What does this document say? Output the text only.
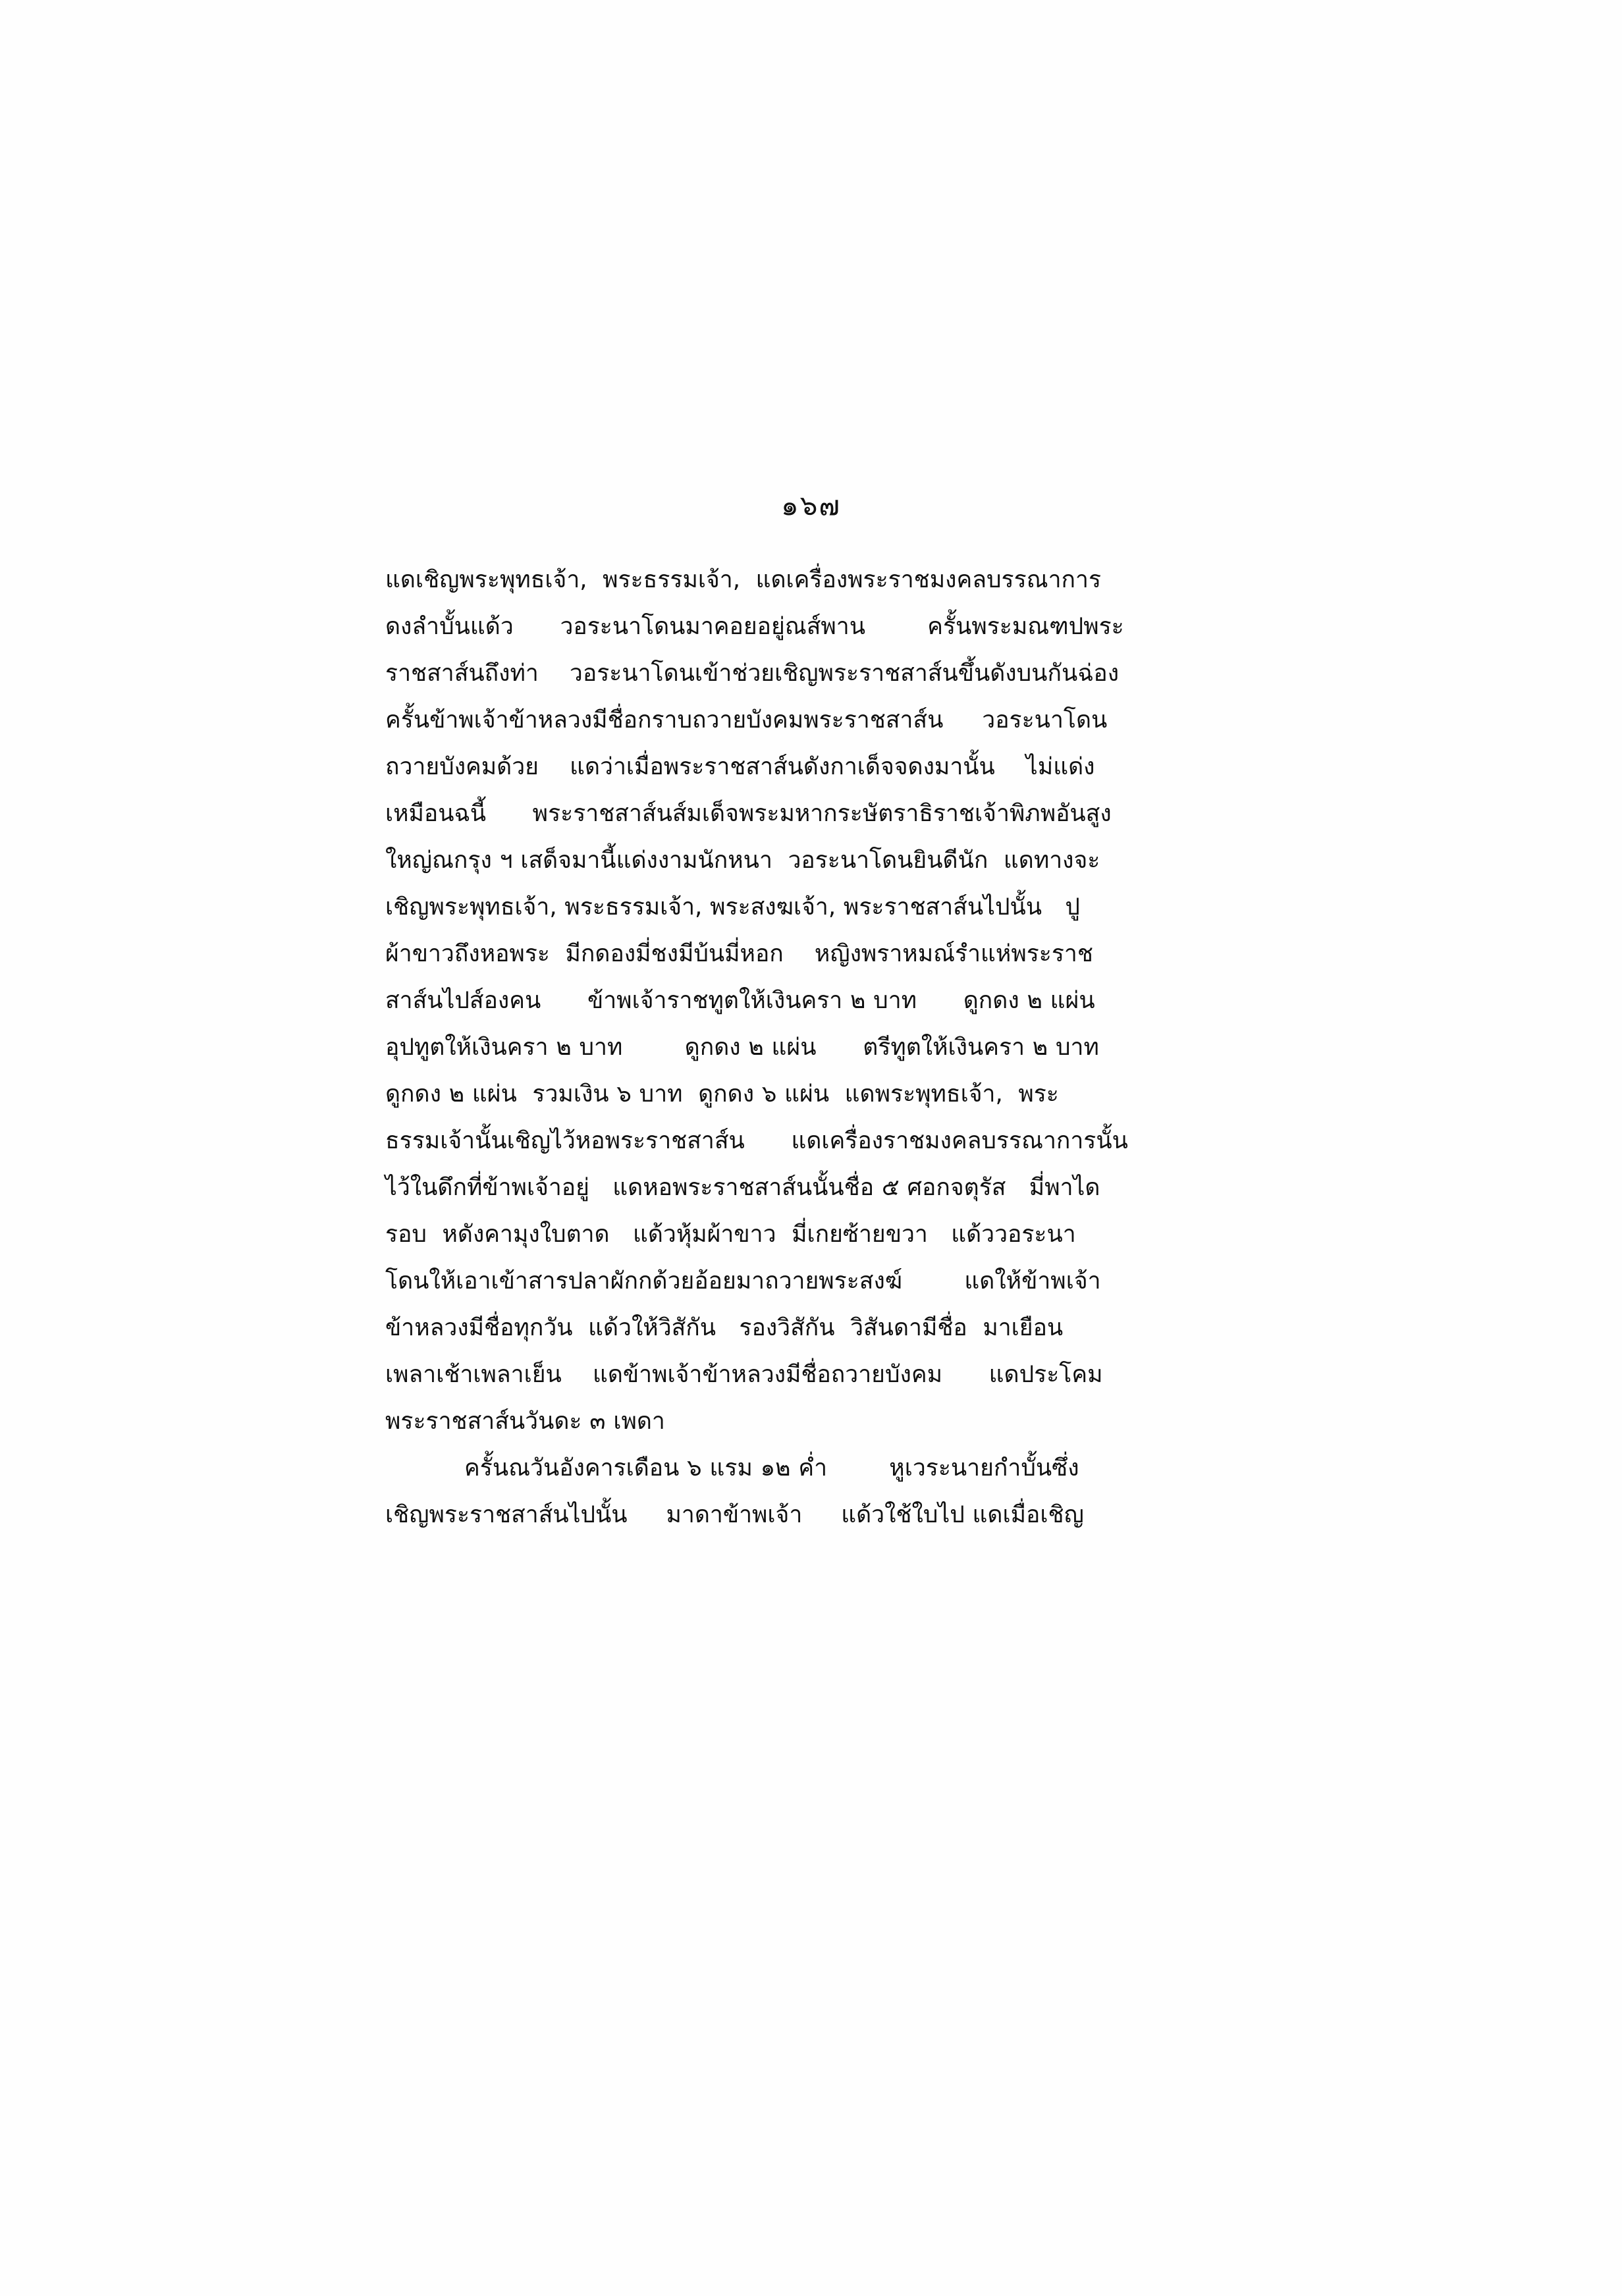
๑๖๗

แดเชิญพระพุทธเจ้า,  พระธรรมเจ้า,  แดเครื่องพระราชมงคลบรรณาการ
ดงลำบั้นแด้ว      วอระนาโดนมาคอยอยู่ณส์พาน        ครั้นพระมณฑปพระ
ราชสาส์นถึงท่า    วอระนาโดนเข้าช่วยเชิญพระราชสาส์นขึ้นดังบนกันฉ่อง
ครั้นข้าพเจ้าข้าหลวงมีชื่อกราบถวายบังคมพระราชสาส์น     วอระนาโดน
ถวายบังคมด้วย    แดว่าเมื่อพระราชสาส์นดังกาเด็จจดงมานั้น    ไม่แด่ง
เหมือนฉนี้      พระราชสาส์นส์มเด็จพระมหากระษัตราธิราชเจ้าพิภพอันสูง
ใหญ่ณกรุง ฯ เสด็จมานี้แด่งงามนักหนา  วอระนาโดนยินดีนัก  แดทางจะ
เชิญพระพุทธเจ้า, พระธรรมเจ้า, พระสงฆเจ้า, พระราชสาส์นไปนั้น   ปู
ผ้าขาวถึงหอพระ  มีกดองมี่ชงมีบ้นมี่หอก    หญิงพราหมณ์รำแห่พระราช
สาส์นไปส์องคน      ข้าพเจ้าราชทูตให้เงินครา ๒ บาท      ดูกดง ๒ แผ่น
อุปทูตให้เงินครา ๒ บาท        ดูกดง ๒ แผ่น      ตรีทูตให้เงินครา ๒ บาท
ดูกดง ๒ แผ่น  รวมเงิน ๖ บาท  ดูกดง ๖ แผ่น  แดพระพุทธเจ้า,  พระ
ธรรมเจ้านั้นเชิญไว้หอพระราชสาส์น      แดเครื่องราชมงคลบรรณาการนั้น
ไว้ในดึกที่ข้าพเจ้าอยู่   แดหอพระราชสาส์นนั้นชื่อ ๕ ศอกจตุรัส   มี่พาได
รอบ  หดังคามุงใบตาด   แด้วหุ้มผ้าขาว  มี่เกยซ้ายขวา   แด้ววอระนา
โดนให้เอาเข้าสารปลาผักกด้วยอ้อยมาถวายพระสงฆ์        แดให้ข้าพเจ้า
ข้าหลวงมีชื่อทุกวัน  แด้วให้วิสักัน   รองวิสักัน  วิสันดามีชื่อ  มาเยือน
เพลาเช้าเพลาเย็น    แดข้าพเจ้าข้าหลวงมีชื่อถวายบังคม      แดประโคม
พระราชสาส์นวันดะ ๓ เพดา

ครั้นณวันอังคารเดือน ๖ แรม ๑๒ ค่ำ        หูเวระนายกำบั้นซึ่ง
เชิญพระราชสาส์นไปนั้น     มาดาข้าพเจ้า     แด้วใช้ใบไป แดเมื่อเชิญ
